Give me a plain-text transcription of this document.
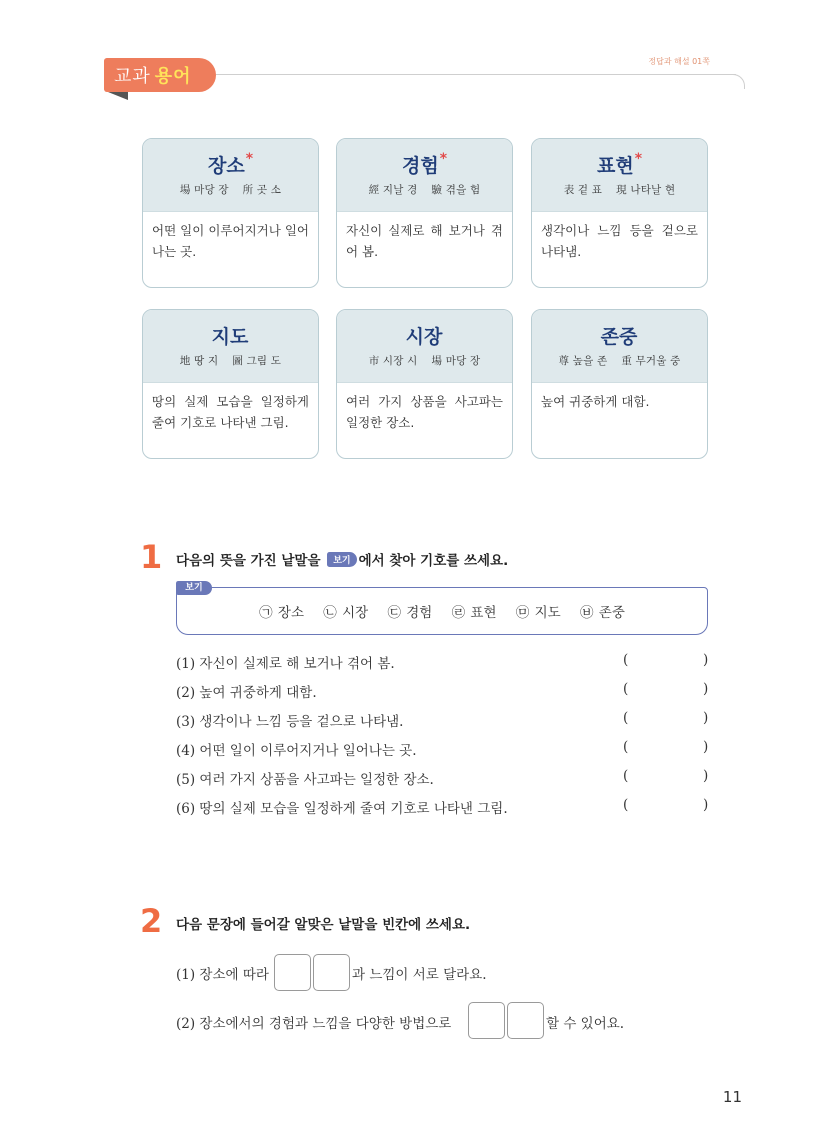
교과 용어
정답과 해설 01쪽
장소*
場 마당 장 所 곳 소
어떤 일이 이루어지거나 일어나는 곳.
경험*
經 지날 경 驗 겪을 험
자신이 실제로 해 보거나 겪어 봄.
표현*
表 겉 표 現 나타날 현
생각이나 느낌 등을 겉으로 나타냄.
지도
地 땅 지 圖 그림 도
땅의 실제 모습을 일정하게 줄여 기호로 나타낸 그림.
시장
市 시장 시 場 마당 장
여러 가지 상품을 사고파는 일정한 장소.
존중
尊 높을 존 重 무거울 중
높여 귀중하게 대함.
1 다음의 뜻을 가진 낱말을 보기 에서 찾아 기호를 쓰세요.
보기
㉠ 장소 ㉡ 시장 ㉢ 경험 ㉣ 표현 ㉤ 지도 ㉥ 존중
(1) 자신이 실제로 해 보거나 겪어 봄.	(	)
(2) 높여 귀중하게 대함.	(	)
(3) 생각이나 느낌 등을 겉으로 나타냄.	(	)
(4) 어떤 일이 이루어지거나 일어나는 곳.	(	)
(5) 여러 가지 상품을 사고파는 일정한 장소.	(	)
(6) 땅의 실제 모습을 일정하게 줄여 기호로 나타낸 그림.	(	)
2 다음 문장에 들어갈 알맞은 낱말을 빈칸에 쓰세요.
(1) 장소에 따라	과 느낌이 서로 달라요.
(2) 장소에서의 경험과 느낌을 다양한 방법으로	할 수 있어요.
11
